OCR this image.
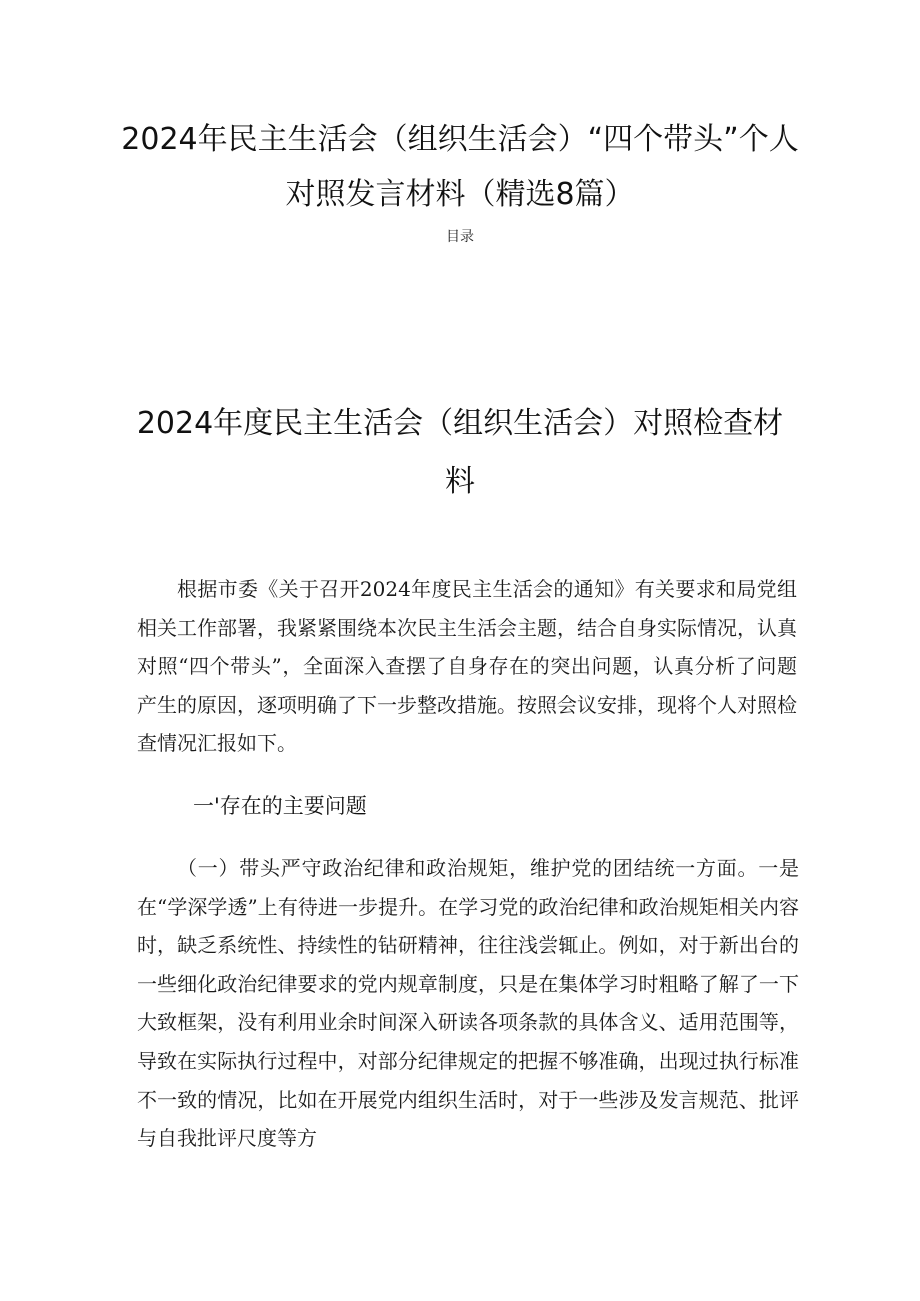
2024年民主生活会（组织生活会）“四个带头”个人对照发言材料（精选8篇）
目录
2024年度民主生活会（组织生活会）对照检查材料

根据市委《关于召开2024年度民主生活会的通知》有关要求和局党组相关工作部署，我紧紧围绕本次民主生活会主题，结合自身实际情况，认真对照“四个带头”，全面深入查摆了自身存在的突出问题，认真分析了问题产生的原因，逐项明确了下一步整改措施。按照会议安排，现将个人对照检查情况汇报如下。

一'存在的主要问题

（一）带头严守政治纪律和政治规矩，维护党的团结统一方面。一是在“学深学透”上有待进一步提升。在学习党的政治纪律和政治规矩相关内容时，缺乏系统性、持续性的钻研精神，往往浅尝辄止。例如，对于新出台的一些细化政治纪律要求的党内规章制度，只是在集体学习时粗略了解了一下大致框架，没有利用业余时间深入研读各项条款的具体含义、适用范围等，导致在实际执行过程中，对部分纪律规定的把握不够准确，出现过执行标准不一致的情况，比如在开展党内组织生活时，对于一些涉及发言规范、批评与自我批评尺度等方
